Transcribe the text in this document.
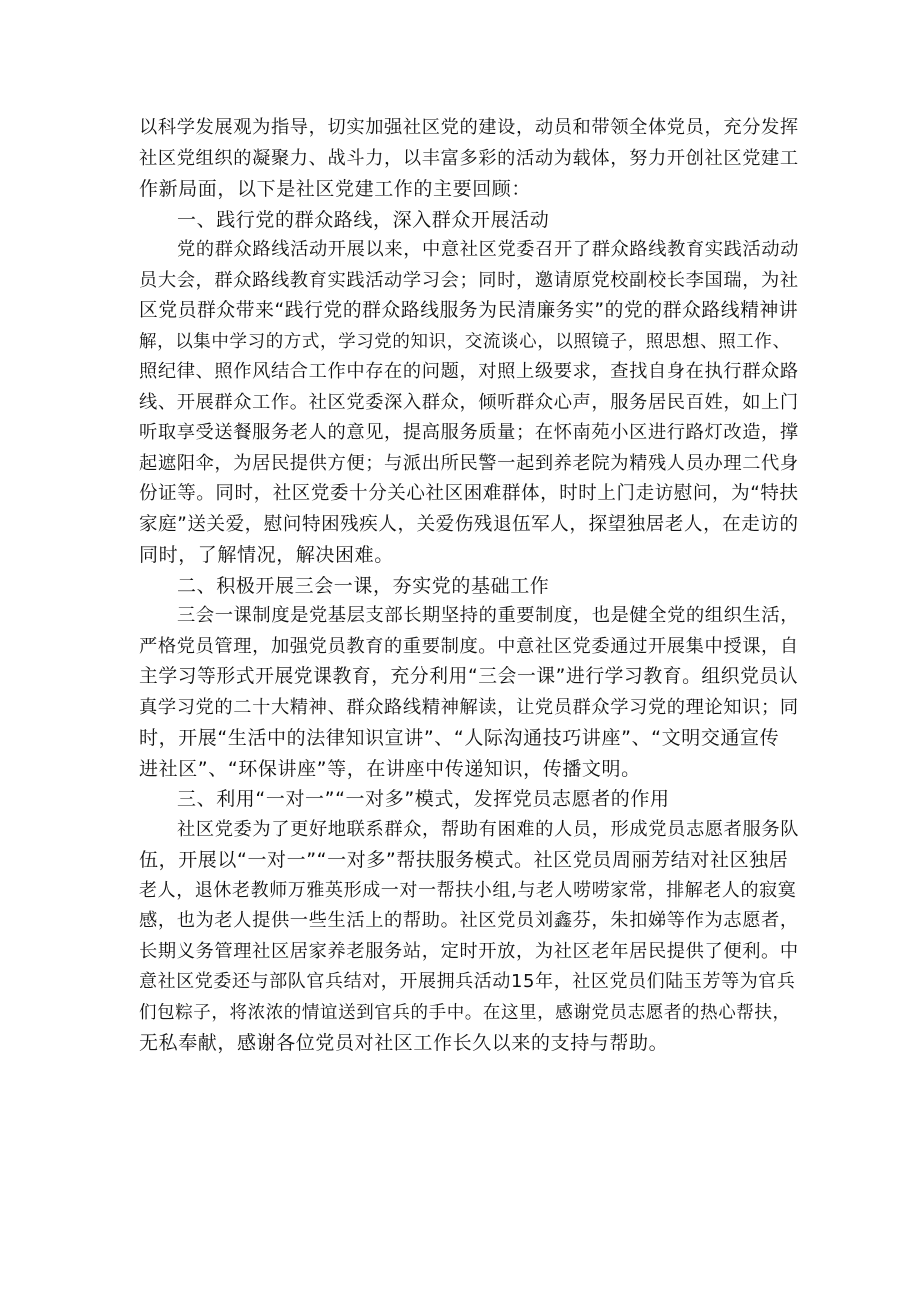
以科学发展观为指导，切实加强社区党的建设，动员和带领全体党员，充分发挥
社区党组织的凝聚力、战斗力，以丰富多彩的活动为载体，努力开创社区党建工
作新局面，以下是社区党建工作的主要回顾：
一、践行党的群众路线，深入群众开展活动
党的群众路线活动开展以来，中意社区党委召开了群众路线教育实践活动动
员大会，群众路线教育实践活动学习会；同时，邀请原党校副校长李国瑞，为社
区党员群众带来“践行党的群众路线服务为民清廉务实”的党的群众路线精神讲
解，以集中学习的方式，学习党的知识，交流谈心，以照镜子，照思想、照工作、
照纪律、照作风结合工作中存在的问题，对照上级要求，查找自身在执行群众路
线、开展群众工作。社区党委深入群众，倾听群众心声，服务居民百姓，如上门
听取享受送餐服务老人的意见，提高服务质量；在怀南苑小区进行路灯改造，撑
起遮阳伞，为居民提供方便；与派出所民警一起到养老院为精残人员办理二代身
份证等。同时，社区党委十分关心社区困难群体，时时上门走访慰问，为“特扶
家庭”送关爱，慰问特困残疾人，关爱伤残退伍军人，探望独居老人，在走访的
同时，了解情况，解决困难。
二、积极开展三会一课，夯实党的基础工作
三会一课制度是党基层支部长期坚持的重要制度，也是健全党的组织生活，
严格党员管理，加强党员教育的重要制度。中意社区党委通过开展集中授课，自
主学习等形式开展党课教育，充分利用“三会一课”进行学习教育。组织党员认
真学习党的二十大精神、群众路线精神解读，让党员群众学习党的理论知识；同
时，开展“生活中的法律知识宣讲”、“人际沟通技巧讲座”、“文明交通宣传
进社区”、“环保讲座”等，在讲座中传递知识，传播文明。
三、利用“一对一”“一对多”模式，发挥党员志愿者的作用
社区党委为了更好地联系群众，帮助有困难的人员，形成党员志愿者服务队
伍，开展以“一对一”“一对多”帮扶服务模式。社区党员周丽芳结对社区独居
老人，退休老教师万雅英形成一对一帮扶小组,与老人唠唠家常，排解老人的寂寞
感，也为老人提供一些生活上的帮助。社区党员刘鑫芬，朱扣娣等作为志愿者，
长期义务管理社区居家养老服务站，定时开放，为社区老年居民提供了便利。中
意社区党委还与部队官兵结对，开展拥兵活动15年，社区党员们陆玉芳等为官兵
们包粽子，将浓浓的情谊送到官兵的手中。在这里，感谢党员志愿者的热心帮扶，
无私奉献，感谢各位党员对社区工作长久以来的支持与帮助。
